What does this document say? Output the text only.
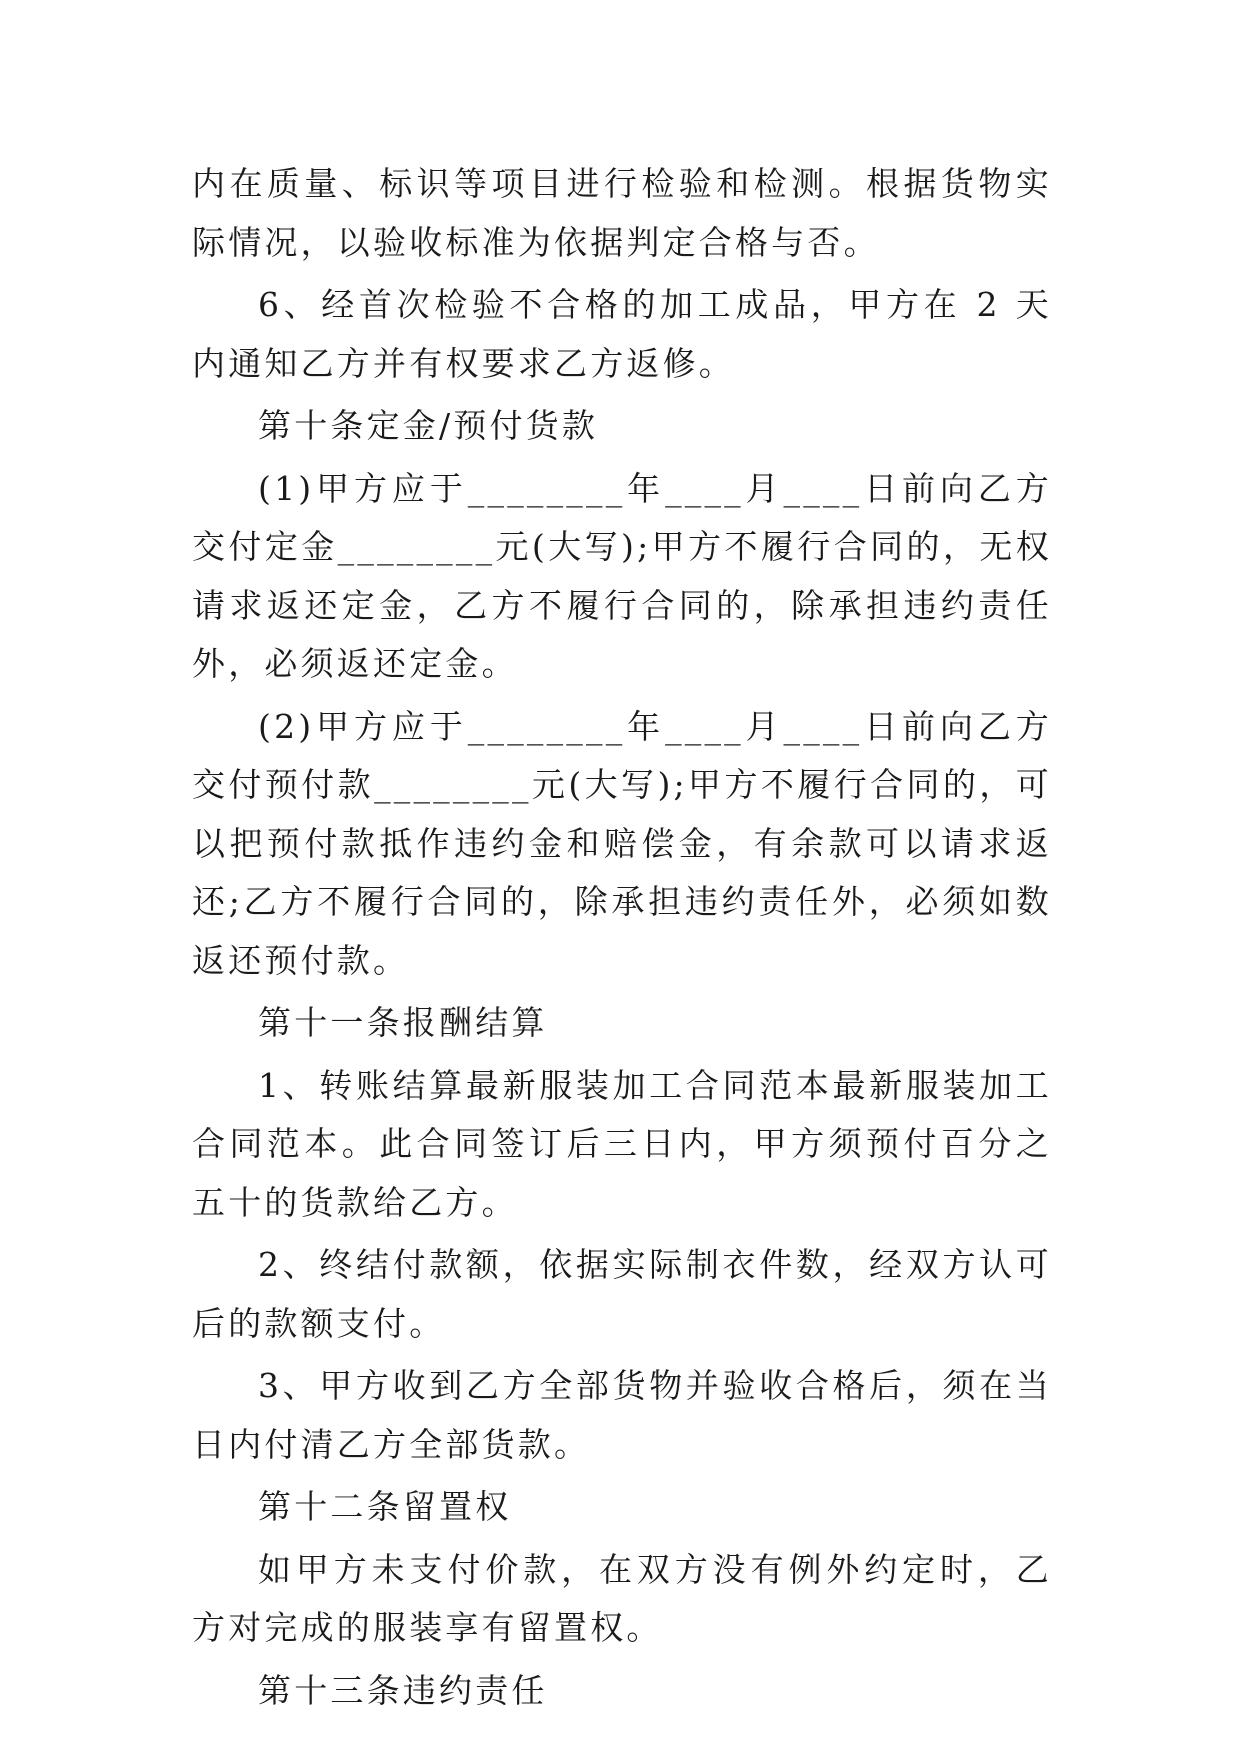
内在质量、标识等项目进行检验和检测。根据货物实际情况，以验收标准为依据判定合格与否。

6、经首次检验不合格的加工成品，甲方在 2 天内通知乙方并有权要求乙方返修。

第十条定金/预付货款

(1)甲方应于________年____月____日前向乙方交付定金________元(大写);甲方不履行合同的，无权请求返还定金，乙方不履行合同的，除承担违约责任外，必须返还定金。

(2)甲方应于________年____月____日前向乙方交付预付款________元(大写);甲方不履行合同的，可以把预付款抵作违约金和赔偿金，有余款可以请求返还;乙方不履行合同的，除承担违约责任外，必须如数返还预付款。

第十一条报酬结算

1、转账结算最新服装加工合同范本最新服装加工合同范本。此合同签订后三日内，甲方须预付百分之五十的货款给乙方。

2、终结付款额，依据实际制衣件数，经双方认可后的款额支付。

3、甲方收到乙方全部货物并验收合格后，须在当日内付清乙方全部货款。

第十二条留置权

如甲方未支付价款，在双方没有例外约定时，乙方对完成的服装享有留置权。

第十三条违约责任
